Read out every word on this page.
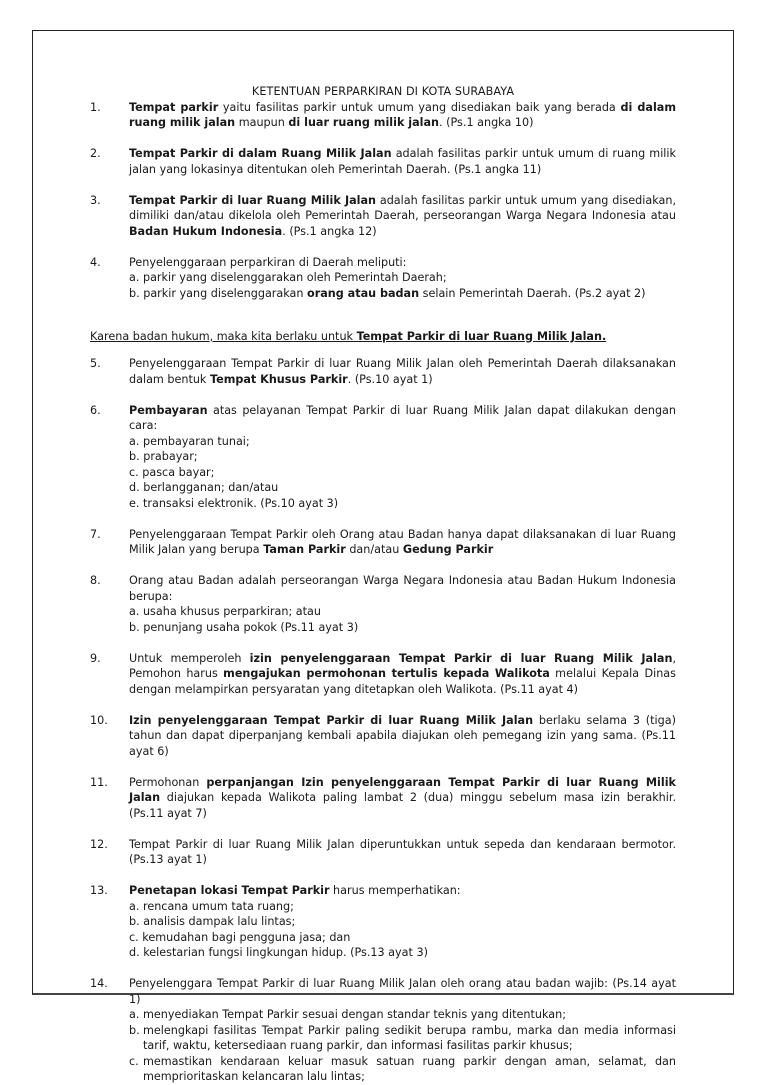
KETENTUAN PERPARKIRAN DI KOTA SURABAYA
1.	Tempat parkir yaitu fasilitas parkir untuk umum yang disediakan baik yang berada di dalam ruang milik jalan maupun di luar ruang milik jalan. (Ps.1 angka 10)
2.	Tempat Parkir di dalam Ruang Milik Jalan adalah fasilitas parkir untuk umum di ruang milik jalan yang lokasinya ditentukan oleh Pemerintah Daerah. (Ps.1 angka 11)
3.	Tempat Parkir di luar Ruang Milik Jalan adalah fasilitas parkir untuk umum yang disediakan, dimiliki dan/atau dikelola oleh Pemerintah Daerah, perseorangan Warga Negara Indonesia atau Badan Hukum Indonesia. (Ps.1 angka 12)
4.	Penyelenggaraan perparkiran di Daerah meliputi:
a. parkir yang diselenggarakan oleh Pemerintah Daerah;
b. parkir yang diselenggarakan orang atau badan selain Pemerintah Daerah. (Ps.2 ayat 2)
Karena badan hukum, maka kita berlaku untuk Tempat Parkir di luar Ruang Milik Jalan.
5.	Penyelenggaraan Tempat Parkir di luar Ruang Milik Jalan oleh Pemerintah Daerah dilaksanakan dalam bentuk Tempat Khusus Parkir. (Ps.10 ayat 1)
6.	Pembayaran atas pelayanan Tempat Parkir di luar Ruang Milik Jalan dapat dilakukan dengan cara:
a. pembayaran tunai;
b. prabayar;
c. pasca bayar;
d. berlangganan; dan/atau
e. transaksi elektronik. (Ps.10 ayat 3)
7.	Penyelenggaraan Tempat Parkir oleh Orang atau Badan hanya dapat dilaksanakan di luar Ruang Milik Jalan yang berupa Taman Parkir dan/atau Gedung Parkir
8.	Orang atau Badan adalah perseorangan Warga Negara Indonesia atau Badan Hukum Indonesia berupa:
a. usaha khusus perparkiran; atau
b. penunjang usaha pokok (Ps.11 ayat 3)
9.	Untuk memperoleh izin penyelenggaraan Tempat Parkir di luar Ruang Milik Jalan, Pemohon harus mengajukan permohonan tertulis kepada Walikota melalui Kepala Dinas dengan melampirkan persyaratan yang ditetapkan oleh Walikota. (Ps.11 ayat 4)
10.	Izin penyelenggaraan Tempat Parkir di luar Ruang Milik Jalan berlaku selama 3 (tiga) tahun dan dapat diperpanjang kembali apabila diajukan oleh pemegang izin yang sama. (Ps.11 ayat 6)
11.	Permohonan perpanjangan Izin penyelenggaraan Tempat Parkir di luar Ruang Milik Jalan diajukan kepada Walikota paling lambat 2 (dua) minggu sebelum masa izin berakhir. (Ps.11 ayat 7)
12.	Tempat Parkir di luar Ruang Milik Jalan diperuntukkan untuk sepeda dan kendaraan bermotor. (Ps.13 ayat 1)
13.	Penetapan lokasi Tempat Parkir harus memperhatikan:
a. rencana umum tata ruang;
b. analisis dampak lalu lintas;
c. kemudahan bagi pengguna jasa; dan
d. kelestarian fungsi lingkungan hidup. (Ps.13 ayat 3)
14.	Penyelenggara Tempat Parkir di luar Ruang Milik Jalan oleh orang atau badan wajib: (Ps.14 ayat 1)
a. menyediakan Tempat Parkir sesuai dengan standar teknis yang ditentukan;
b. melengkapi fasilitas Tempat Parkir paling sedikit berupa rambu, marka dan media informasi tarif, waktu, ketersediaan ruang parkir, dan informasi fasilitas parkir khusus;
c. memastikan kendaraan keluar masuk satuan ruang parkir dengan aman, selamat, dan memprioritaskan kelancaran lalu lintas;
